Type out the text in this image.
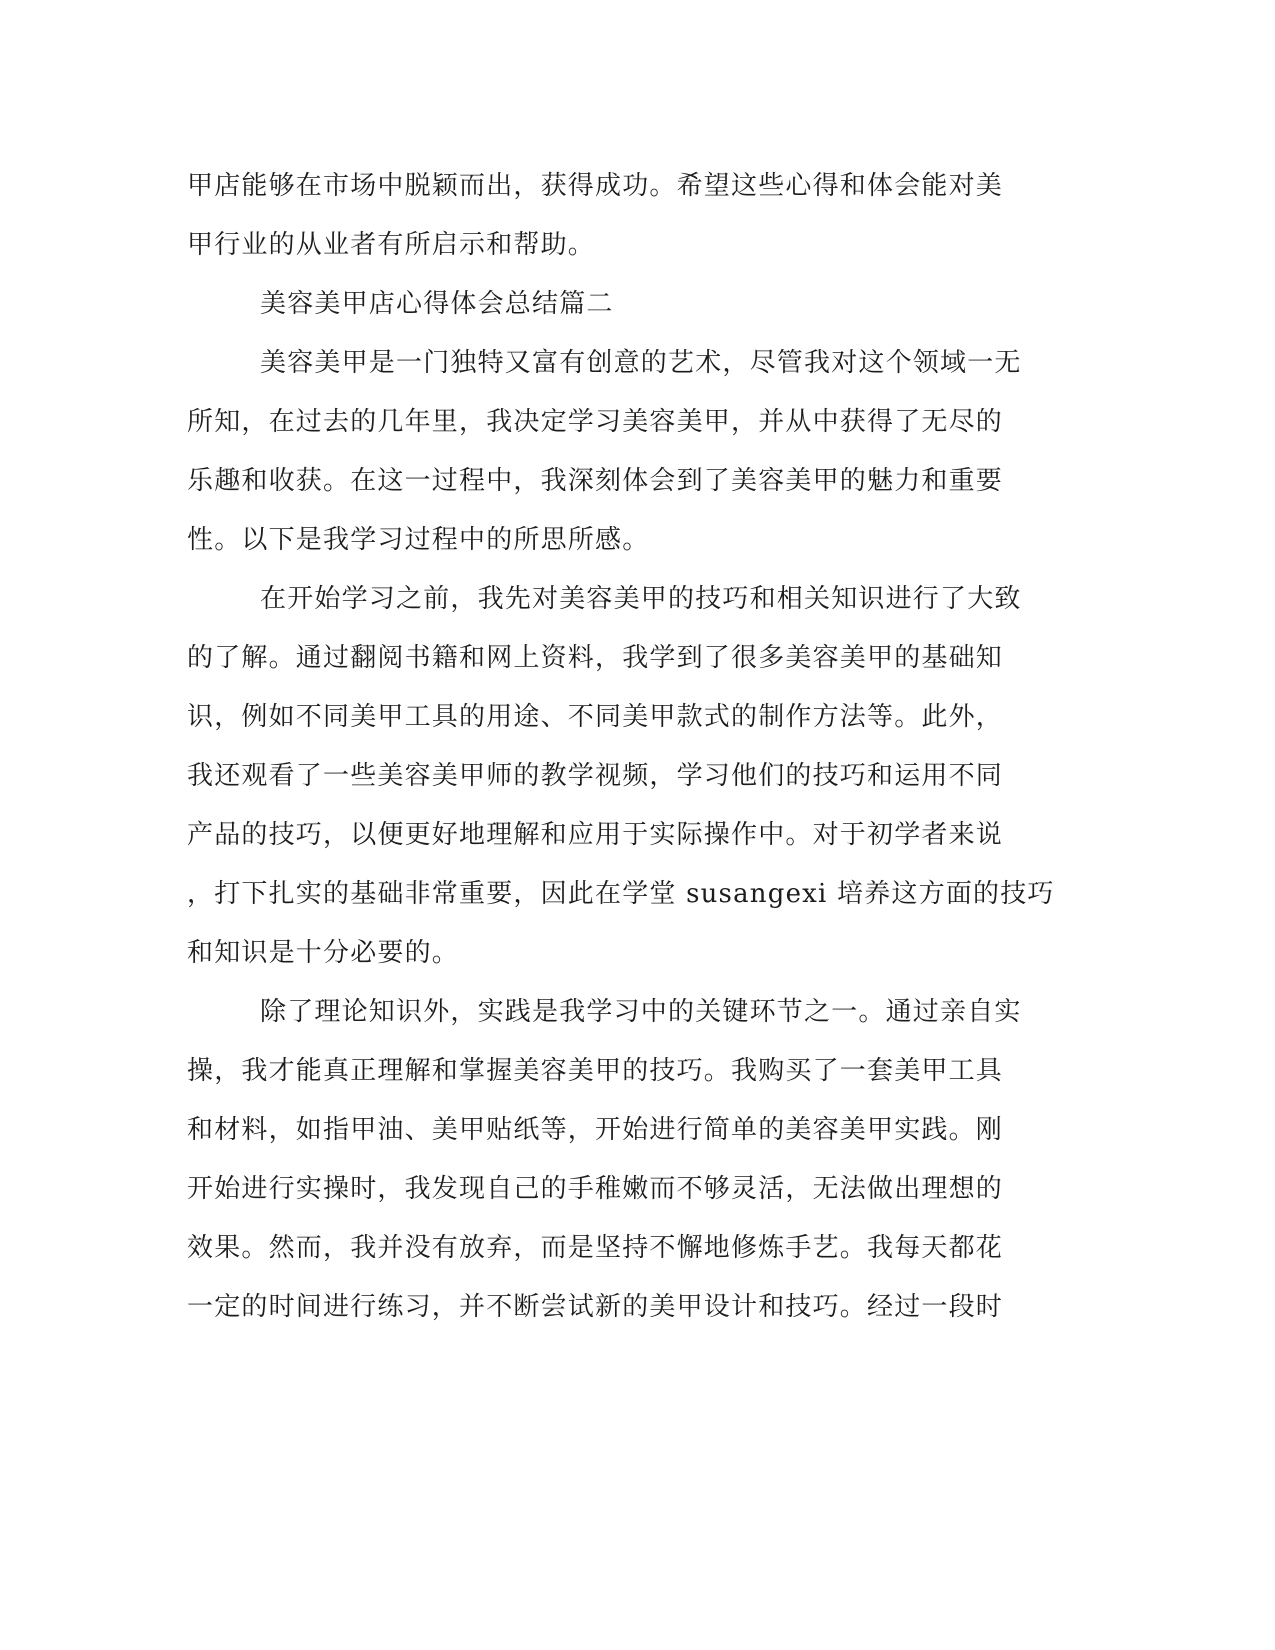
甲店能够在市场中脱颖而出，获得成功。希望这些心得和体会能对美
甲行业的从业者有所启示和帮助。
美容美甲店心得体会总结篇二
美容美甲是一门独特又富有创意的艺术，尽管我对这个领域一无
所知，在过去的几年里，我决定学习美容美甲，并从中获得了无尽的
乐趣和收获。在这一过程中，我深刻体会到了美容美甲的魅力和重要
性。以下是我学习过程中的所思所感。
在开始学习之前，我先对美容美甲的技巧和相关知识进行了大致
的了解。通过翻阅书籍和网上资料，我学到了很多美容美甲的基础知
识，例如不同美甲工具的用途、不同美甲款式的制作方法等。此外，
我还观看了一些美容美甲师的教学视频，学习他们的技巧和运用不同
产品的技巧，以便更好地理解和应用于实际操作中。对于初学者来说
，打下扎实的基础非常重要，因此在学堂 susangexi 培养这方面的技巧
和知识是十分必要的。
除了理论知识外，实践是我学习中的关键环节之一。通过亲自实
操，我才能真正理解和掌握美容美甲的技巧。我购买了一套美甲工具
和材料，如指甲油、美甲贴纸等，开始进行简单的美容美甲实践。刚
开始进行实操时，我发现自己的手稚嫩而不够灵活，无法做出理想的
效果。然而，我并没有放弃，而是坚持不懈地修炼手艺。我每天都花
一定的时间进行练习，并不断尝试新的美甲设计和技巧。经过一段时
